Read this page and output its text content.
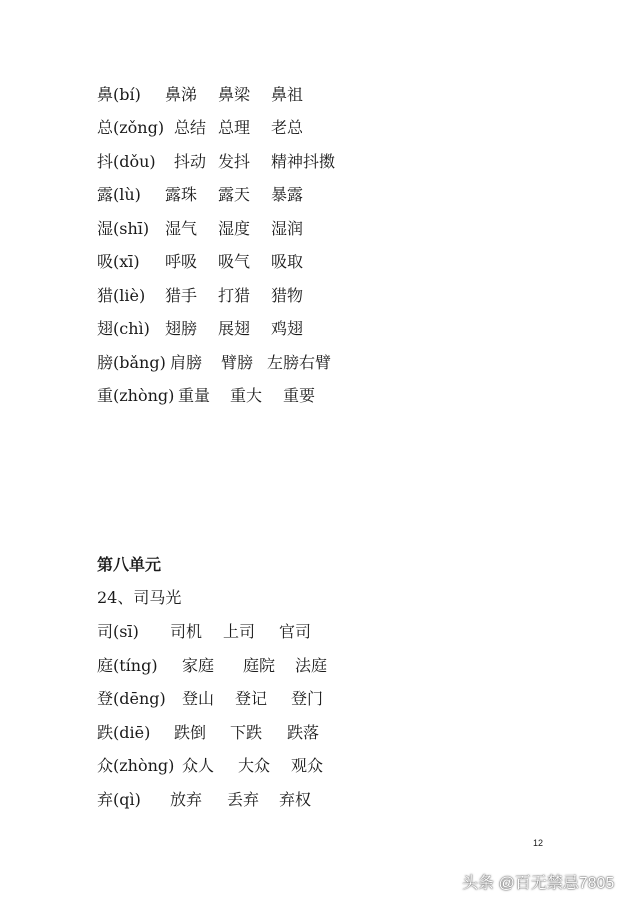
鼻(bí) 鼻涕 鼻梁 鼻祖
总(zǒng) 总结 总理 老总
抖(dǒu) 抖动 发抖 精神抖擞
露(lù) 露珠 露天 暴露
湿(shī) 湿气 湿度 湿润
吸(xī) 呼吸 吸气 吸取
猎(liè) 猎手 打猎 猎物
翅(chì) 翅膀 展翅 鸡翅
膀(bǎng) 肩膀 臂膀 左膀右臂
重(zhòng) 重量 重大 重要
第八单元
24、司马光
司(sī) 司机 上司 官司
庭(tíng) 家庭 庭院 法庭
登(dēng) 登山 登记 登门
跌(diē) 跌倒 下跌 跌落
众(zhòng) 众人 大众 观众
弃(qì) 放弃 丢弃 弃权
12
头条 @百无禁忌7805
